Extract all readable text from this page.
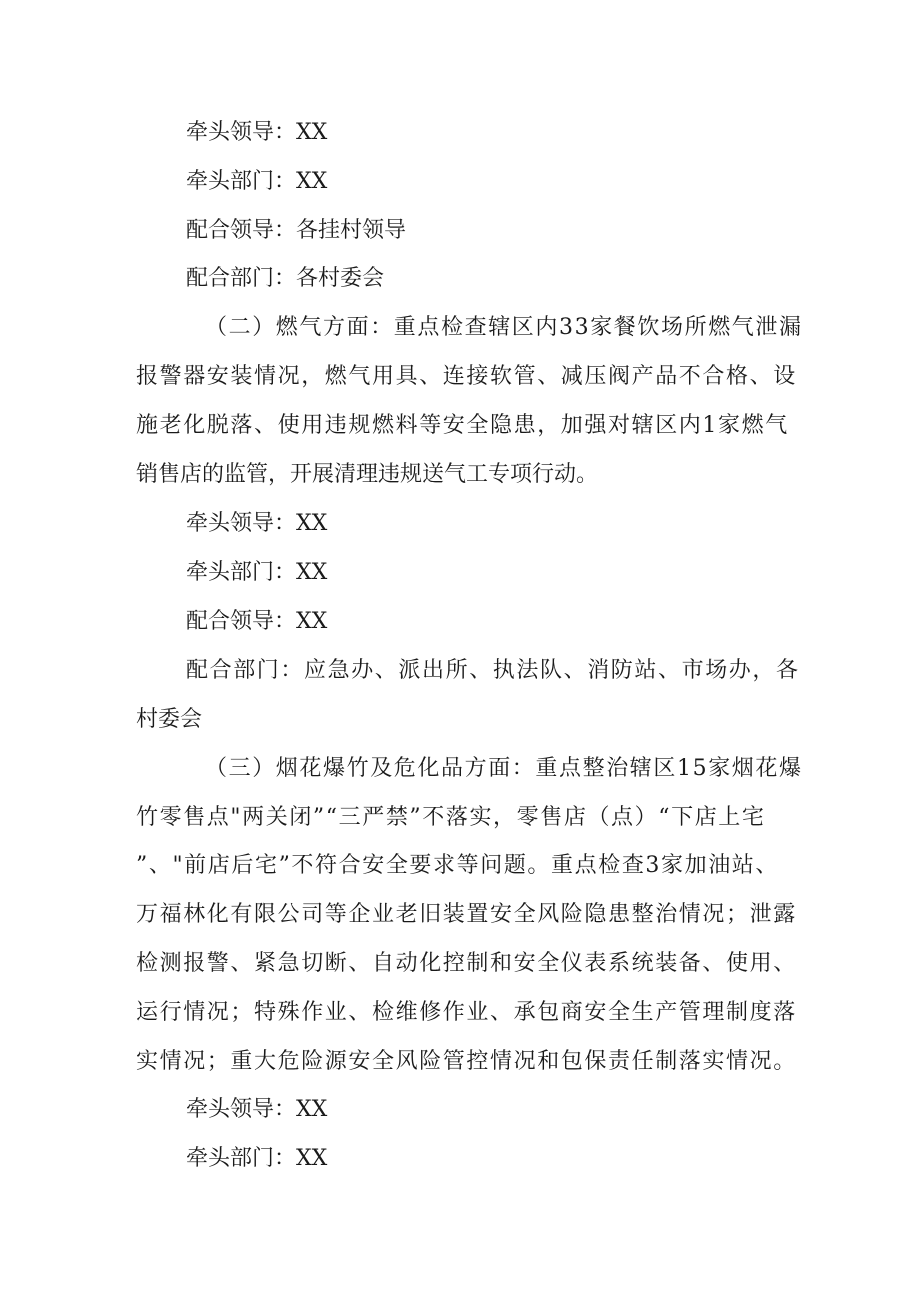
牵头领导：XX
牵头部门：XX
配合领导：各挂村领导
配合部门：各村委会
（二）燃气方面：重点检查辖区内33家餐饮场所燃气泄漏
报警器安装情况，燃气用具、连接软管、减压阀产品不合格、设
施老化脱落、使用违规燃料等安全隐患，加强对辖区内1家燃气
销售店的监管，开展清理违规送气工专项行动。
牵头领导：XX
牵头部门：XX
配合领导：XX
配合部门：应急办、派出所、执法队、消防站、市场办，各
村委会
（三）烟花爆竹及危化品方面：重点整治辖区15家烟花爆
竹零售点"两关闭”“三严禁”不落实，零售店（点）“下店上宅
”、"前店后宅”不符合安全要求等问题。重点检查3家加油站、
万福林化有限公司等企业老旧装置安全风险隐患整治情况；泄露
检测报警、紧急切断、自动化控制和安全仪表系统装备、使用、
运行情况；特殊作业、检维修作业、承包商安全生产管理制度落
实情况；重大危险源安全风险管控情况和包保责任制落实情况。
牵头领导：XX
牵头部门：XX
